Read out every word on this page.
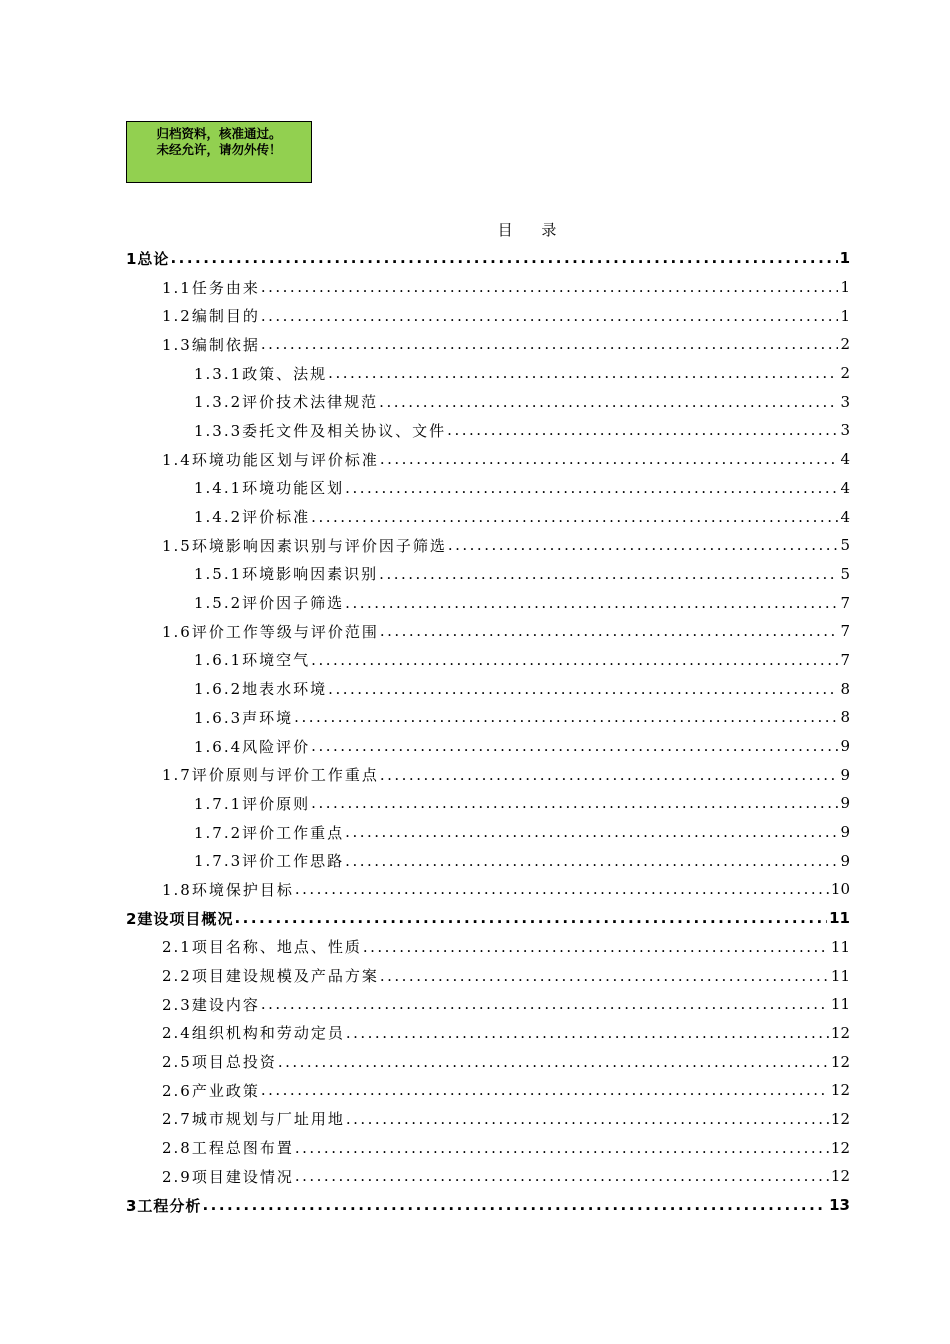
归档资料，核准通过。
未经允许，请勿外传！
目 录
1总论 .....	1
1.1任务由来 .....	1
1.2编制目的 .....	1
1.3编制依据 .....	2
1.3.1政策、法规 .....	2
1.3.2评价技术法律规范 .....	3
1.3.3委托文件及相关协议、文件 .....	3
1.4环境功能区划与评价标准 .....	4
1.4.1环境功能区划 .....	4
1.4.2评价标准 .....	4
1.5环境影响因素识别与评价因子筛选 .....	5
1.5.1环境影响因素识别 .....	5
1.5.2评价因子筛选 .....	7
1.6评价工作等级与评价范围 .....	7
1.6.1环境空气 .....	7
1.6.2地表水环境 .....	8
1.6.3声环境 .....	8
1.6.4风险评价 .....	9
1.7评价原则与评价工作重点 .....	9
1.7.1评价原则 .....	9
1.7.2评价工作重点 .....	9
1.7.3评价工作思路 .....	9
1.8环境保护目标 .....	10
2建设项目概况 .....	11
2.1项目名称、地点、性质 .....	11
2.2项目建设规模及产品方案 .....	11
2.3建设内容 .....	11
2.4组织机构和劳动定员 .....	12
2.5项目总投资 .....	12
2.6产业政策 .....	12
2.7城市规划与厂址用地 .....	12
2.8工程总图布置 .....	12
2.9项目建设情况 .....	12
3工程分析 .....	13
